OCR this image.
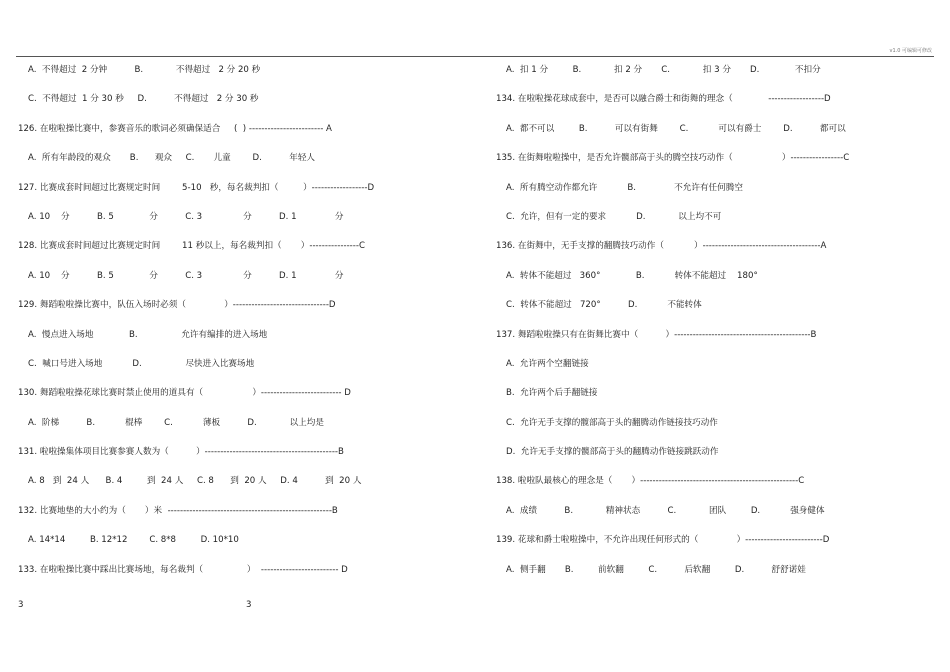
v1.0 可编辑可修改
A.  不得超过  2 分钟          B.            不得超过   2 分 20 秒
C.  不得超过  1 分 30 秒     D.          不得超过   2 分 30 秒
126. 在啦啦操比赛中，参赛音乐的歌词必须确保适合     (  ) ------------------------ A
A.  所有年龄段的观众       B.      观众     C.       儿童        D.          年轻人
127. 比赛成套时间超过比赛规定时间        5-10   秒，每名裁判扣（         ）------------------D
A. 10    分          B. 5             分          C. 3               分          D. 1              分
128. 比赛成套时间超过比赛规定时间        11 秒以上，每名裁判扣（       ）----------------C
A. 10    分          B. 5             分          C. 3               分          D. 1              分
129. 舞蹈啦啦操比赛中，队伍入场时必须（              ）-------------------------------D
A.  慢点进入场地             B.                允许有编排的进入场地
C.  喊口号进入场地           D.                尽快进入比赛场地
130. 舞蹈啦啦操花球比赛时禁止使用的道具有（                  ）-------------------------- D
A.  阶梯          B.           棍棒        C.           薄板          D.            以上均是
131. 啦啦操集体项目比赛参赛人数为（          ）-------------------------------------------B
A. 8   到  24 人      B. 4         到  24 人     C. 8      到  20 人     D. 4          到  20 人
132. 比赛地垫的大小约为（       ）米  -----------------------------------------------------B
A. 14*14         B. 12*12        C. 8*8         D. 10*10
133. 在啦啦操比赛中踩出比赛场地，每名裁判（                ）  ------------------------- D
A.  扣 1 分         B.            扣 2 分       C.            扣 3 分       D.             不扣分
134. 在啦啦操花球成套中，是否可以融合爵士和街舞的理念（             ------------------D
A.  都不可以         B.          可以有街舞        C.           可以有爵士        D.          都可以
135. 在街舞啦啦操中，是否允许髋部高于头的腾空技巧动作（                  ）-----------------C
A.  所有腾空动作都允许           B.              不允许有任何腾空
C.  允许，但有一定的要求           D.            以上均不可
136. 在街舞中，无手支撑的翻腾技巧动作（           ）--------------------------------------A
A.  转体不能超过   360°             B.           转体不能超过    180°
C.  转体不能超过   720°          D.           不能转体
137. 舞蹈啦啦操只有在街舞比赛中（          ）--------------------------------------------B
A.  允许两个空翻链接
B.  允许两个后手翻链接
C.  允许无手支撑的髋部高于头的翻腾动作链接技巧动作
D.  允许无手支撑的髋部高于头的翻腾动作链接跳跃动作
138. 啦啦队最核心的理念是（       ）---------------------------------------------------C
A.  成绩          B.            精神状态          C.            团队         D.           强身健体
139. 花球和爵士啦啦操中，不允许出现任何形式的（              ）-------------------------D
A.  侧手翻       B.         前软翻         C.          后软翻         D.          舒舒诺娃
3	3
